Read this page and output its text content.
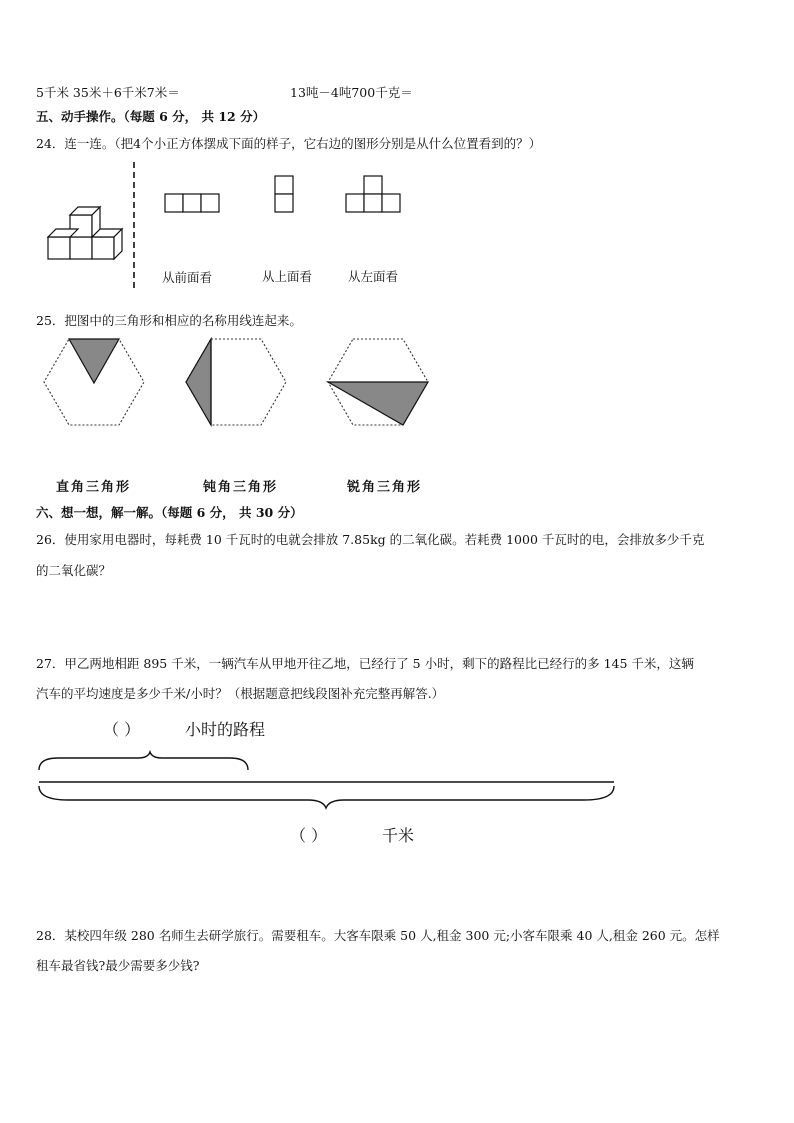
5千米 35米＋6千米7米＝	13吨－4吨700千克＝
五、动手操作。（每题 6 分， 共 12 分）
24．连一连。（把4个小正方体摆成下面的样子，它右边的图形分别是从什么位置看到的？）
从前面看	从上面看	从左面看
25．把图中的三角形和相应的名称用线连起来。
直角三角形	钝角三角形	锐角三角形
六、想一想，解一解。（每题 6 分， 共 30 分）
26．使用家用电器时，每耗费 10 千瓦时的电就会排放 7.85kg 的二氧化碳。若耗费 1000 千瓦时的电，会排放多少千克
的二氧化碳？
27．甲乙两地相距 895 千米，一辆汽车从甲地开往乙地，已经行了 5 小时，剩下的路程比已经行的多 145 千米，这辆
汽车的平均速度是多少千米/小时？（根据题意把线段图补充完整再解答.）
（ ）	小时的路程
（ ）	千米
28．某校四年级 280 名师生去研学旅行。需要租车。大客车限乘 50 人,租金 300 元;小客车限乘 40 人,租金 260 元。怎样
租车最省钱?最少需要多少钱?
